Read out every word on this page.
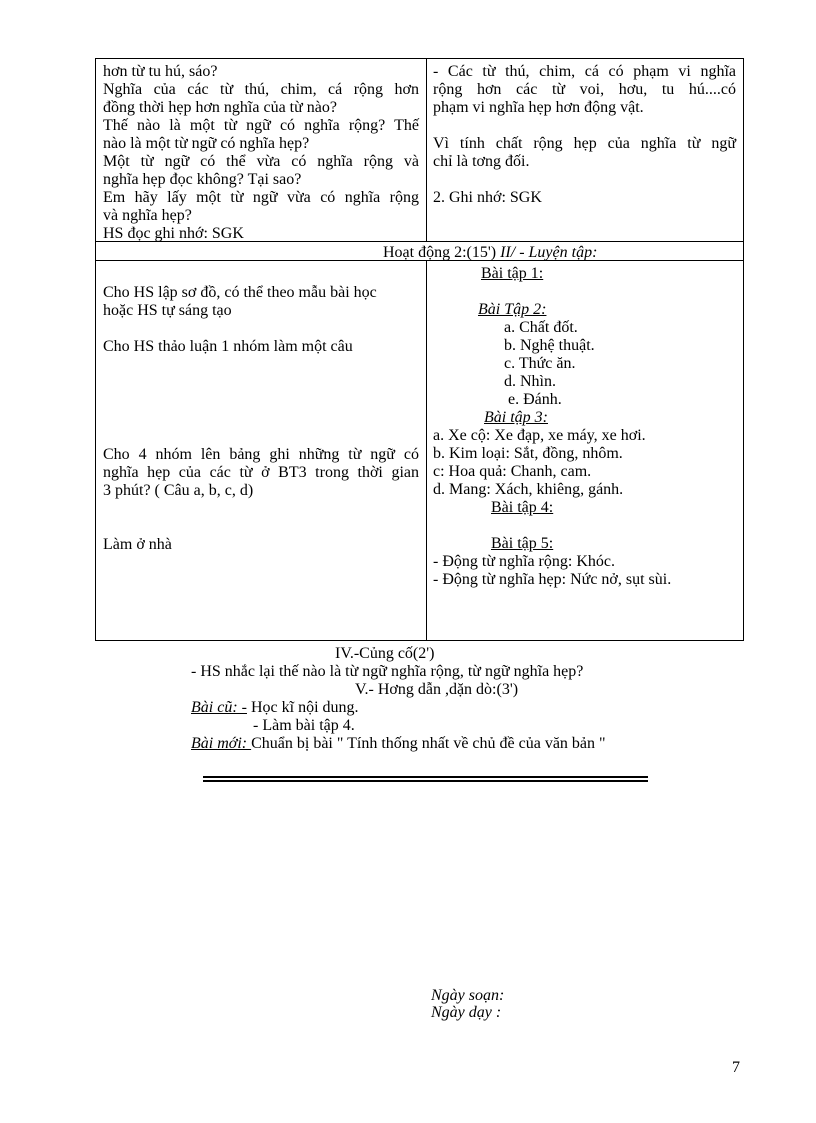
hơn từ tu hú, sáo?
Nghĩa của các từ thú, chim, cá rộng hơn
đồng thời hẹp hơn nghĩa của từ nào?
Thế nào là một từ ngữ có nghĩa rộng? Thế
nào là một từ ngữ có nghĩa hẹp?
Một từ ngữ có thể vừa có nghĩa rộng và
nghĩa hẹp đọc không? Tại sao?
Em hãy lấy một từ ngữ vừa có nghĩa rộng
và nghĩa hẹp?
HS đọc ghi nhớ: SGK
- Các từ thú, chim, cá có phạm vi nghĩa
rộng hơn các từ voi, hơu, tu hú....có
phạm vi nghĩa hẹp hơn động vật.
Vì tính chất rộng hẹp của nghĩa từ ngữ
chỉ là tơng đối.
2. Ghi nhớ: SGK
Hoạt động 2:(15') II/ - Luyện tập:
Cho HS lập sơ đồ, có thể theo mẫu bài học
hoặc HS tự sáng tạo
Cho HS thảo luận 1 nhóm làm một câu
Cho 4 nhóm lên bảng ghi những từ ngữ có
nghĩa hẹp của các từ ở BT3 trong thời gian
3 phút? ( Câu a, b, c, d)
Làm ở nhà
Bài tập 1:
Bài Tập 2:
a. Chất đốt.
b. Nghệ thuật.
c. Thức ăn.
d. Nhìn.
e. Đánh.
Bài tập 3:
a. Xe cộ: Xe đạp, xe máy, xe hơi.
b. Kim loại: Sắt, đồng, nhôm.
c: Hoa quả: Chanh, cam.
d. Mang: Xách, khiêng, gánh.
Bài tập 4:
Bài tập 5:
- Động từ nghĩa rộng: Khóc.
- Động từ nghĩa hẹp: Nức nở, sụt sùi.
IV.-Củng cố(2')
- HS nhắc lại thế nào là từ ngữ nghĩa rộng, từ ngữ nghĩa hẹp?
V.- Hơng dẫn ,dặn dò:(3')
Bài cũ: - Học kĩ nội dung.
- Làm bài tập 4.
Bài mới: Chuẩn bị bài " Tính thống nhất về chủ đề của văn bản "
Ngày soạn:
Ngày dạy :
7
